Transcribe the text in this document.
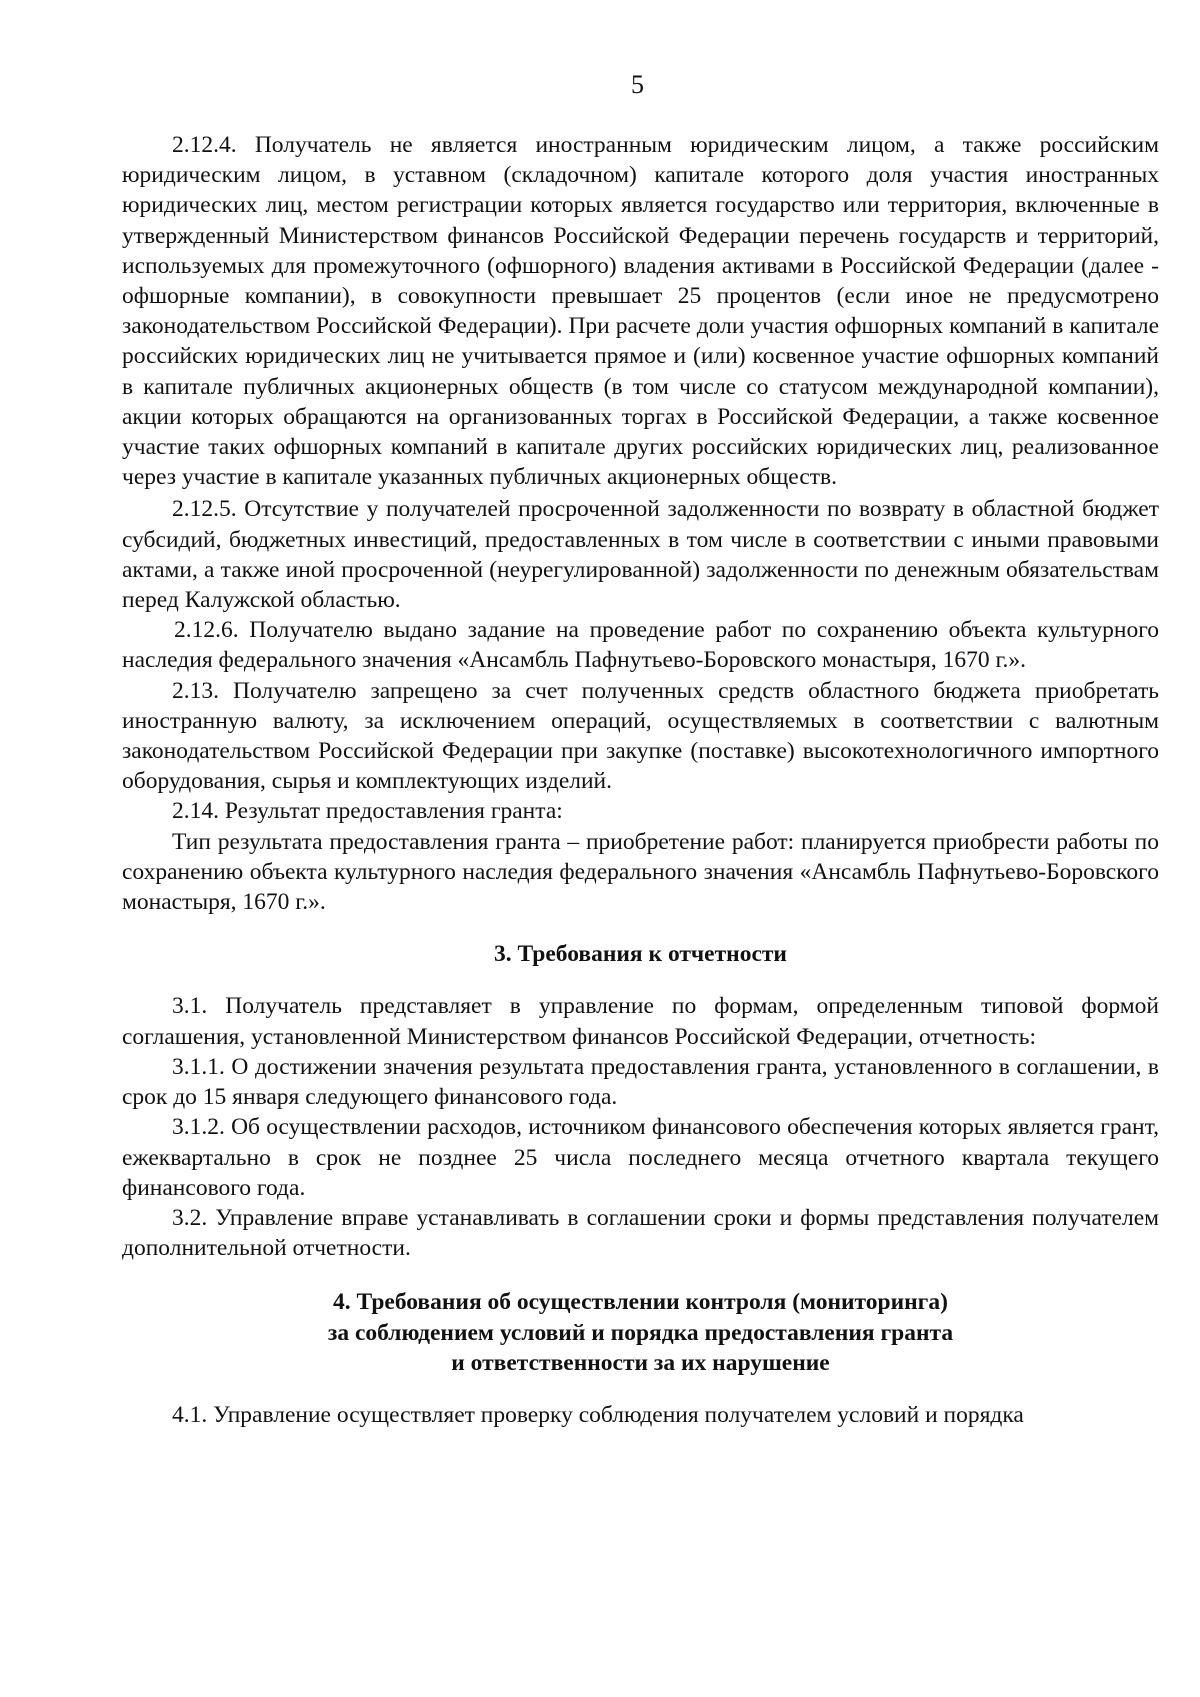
5

2.12.4. Получатель не является иностранным юридическим лицом, а также российским юридическим лицом, в уставном (складочном) капитале которого доля участия иностранных юридических лиц, местом регистрации которых является государство или территория, включенные в утвержденный Министерством финансов Российской Федерации перечень государств и территорий, используемых для промежуточного (офшорного) владения активами в Российской Федерации (далее - офшорные компании), в совокупности превышает 25 процентов (если иное не предусмотрено законодательством Российской Федерации). При расчете доли участия офшорных компаний в капитале российских юридических лиц не учитывается прямое и (или) косвенное участие офшорных компаний в капитале публичных акционерных обществ (в том числе со статусом международной компании), акции которых обращаются на организованных торгах в Российской Федерации, а также косвенное участие таких офшорных компаний в капитале других российских юридических лиц, реализованное через участие в капитале указанных публичных акционерных обществ.

2.12.5. Отсутствие у получателей просроченной задолженности по возврату в областной бюджет субсидий, бюджетных инвестиций, предоставленных в том числе в соответствии с иными правовыми актами, а также иной просроченной (неурегулированной) задолженности по денежным обязательствам перед Калужской областью.

2.12.6. Получателю выдано задание на проведение работ по сохранению объекта культурного наследия федерального значения «Ансамбль Пафнутьево-Боровского монастыря, 1670 г.».

2.13. Получателю запрещено за счет полученных средств областного бюджета приобретать иностранную валюту, за исключением операций, осуществляемых в соответствии с валютным законодательством Российской Федерации при закупке (поставке) высокотехнологичного импортного оборудования, сырья и комплектующих изделий.

2.14. Результат предоставления гранта:

Тип результата предоставления гранта – приобретение работ: планируется приобрести работы по сохранению объекта культурного наследия федерального значения «Ансамбль Пафнутьево-Боровского монастыря, 1670 г.».

3. Требования к отчетности

3.1. Получатель представляет в управление по формам, определенным типовой формой соглашения, установленной Министерством финансов Российской Федерации, отчетность:

3.1.1. О достижении значения результата предоставления гранта, установленного в соглашении, в срок до 15 января следующего финансового года.

3.1.2. Об осуществлении расходов, источником финансового обеспечения которых является грант, ежеквартально в срок не позднее 25 числа последнего месяца отчетного квартала текущего финансового года.

3.2. Управление вправе устанавливать в соглашении сроки и формы представления получателем дополнительной отчетности.

4. Требования об осуществлении контроля (мониторинга)
за соблюдением условий и порядка предоставления гранта
и ответственности за их нарушение

4.1. Управление осуществляет проверку соблюдения получателем условий и порядка
